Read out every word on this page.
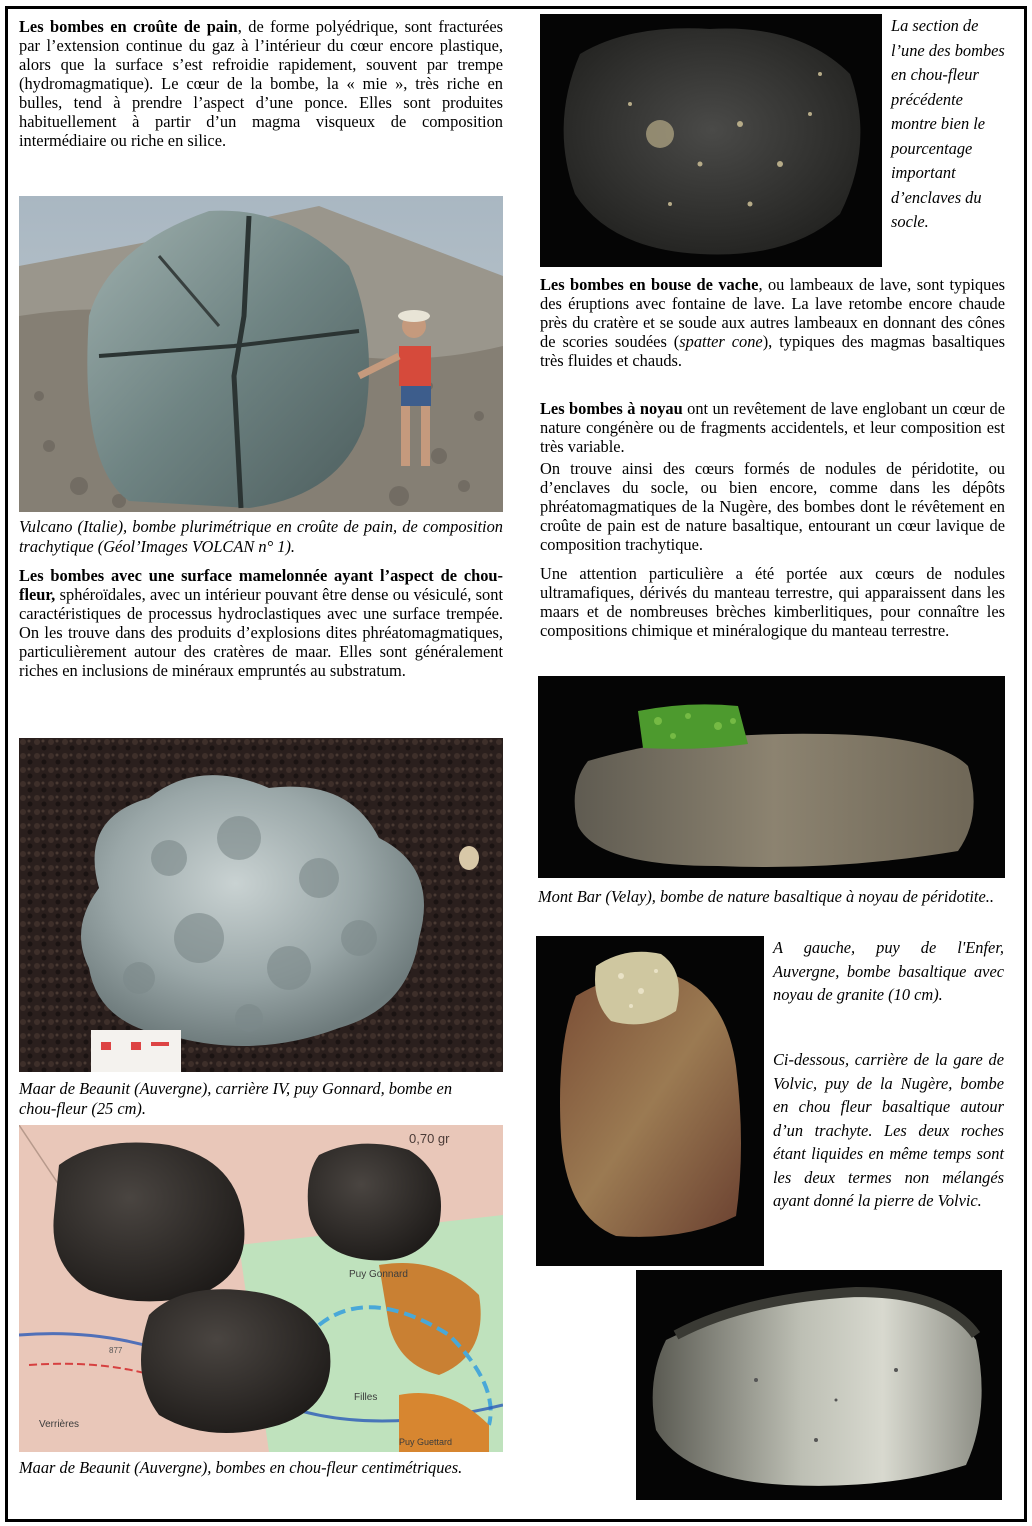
Les bombes en croûte de pain, de forme polyédrique, sont fracturées par l’extension continue du gaz à l’intérieur du cœur encore plastique, alors que la surface s’est refroidie rapidement, souvent par trempe (hydromagmatique). Le cœur de la bombe, la « mie », très riche en bulles, tend à prendre l’aspect d’une ponce. Elles sont produites habituellement à partir d’un magma visqueux de composition intermédiaire ou riche en silice.
Vulcano (Italie), bombe plurimétrique en croûte de pain, de composition trachytique (Géol’Images VOLCAN n° 1).
Les bombes avec une surface mamelonnée ayant l’aspect de chou-fleur, sphéroïdales, avec un intérieur pouvant être dense ou vésiculé, sont caractéristiques de processus hydroclastiques avec une surface trempée. On les trouve dans des produits d’explosions dites phréatomagmatiques, particulièrement autour des cratères de maar. Elles sont généralement riches en inclusions de minéraux empruntés au substratum.
Maar de Beaunit (Auvergne), carrière IV, puy Gonnard, bombe en chou-fleur (25 cm).
0,70 gr
Puy Gonnard
Filles
Verrières
Puy Guettard
877
Maar de Beaunit (Auvergne), bombes en chou-fleur centimétriques.
La section de l’une des bombes en chou-fleur précédente montre bien le pourcentage important d’enclaves du socle.
Les bombes en bouse de vache, ou lambeaux de lave, sont typiques des éruptions avec fontaine de lave. La lave retombe encore chaude près du cratère et se soude aux autres lambeaux en donnant des cônes de scories soudées (spatter cone), typiques des magmas basaltiques très fluides et chauds.
Les bombes à noyau ont un revêtement de lave englobant un cœur de nature congénère ou de fragments accidentels, et leur composition est très variable.
On trouve ainsi des cœurs formés de nodules de péridotite, ou d’enclaves du socle, ou bien encore, comme dans les dépôts phréatomagmatiques de la Nugère, des bombes dont le révêtement en croûte de pain est de nature basaltique, entourant un cœur lavique de composition trachytique.
Une attention particulière a été portée aux cœurs de nodules ultramafiques, dérivés du manteau terrestre, qui apparaissent dans les maars et de nombreuses brèches kimberlitiques, pour connaître les compositions chimique et minéralogique du manteau terrestre.
Mont Bar (Velay), bombe de nature basaltique à noyau de péridotite..
A gauche, puy de l'Enfer, Auvergne, bombe basaltique avec noyau de granite (10 cm).
Ci-dessous, carrière de la gare de Volvic, puy de la Nugère, bombe en chou fleur basaltique autour d’un trachyte. Les deux roches étant liquides en même temps sont les deux termes non mélangés ayant donné la pierre de Volvic.
